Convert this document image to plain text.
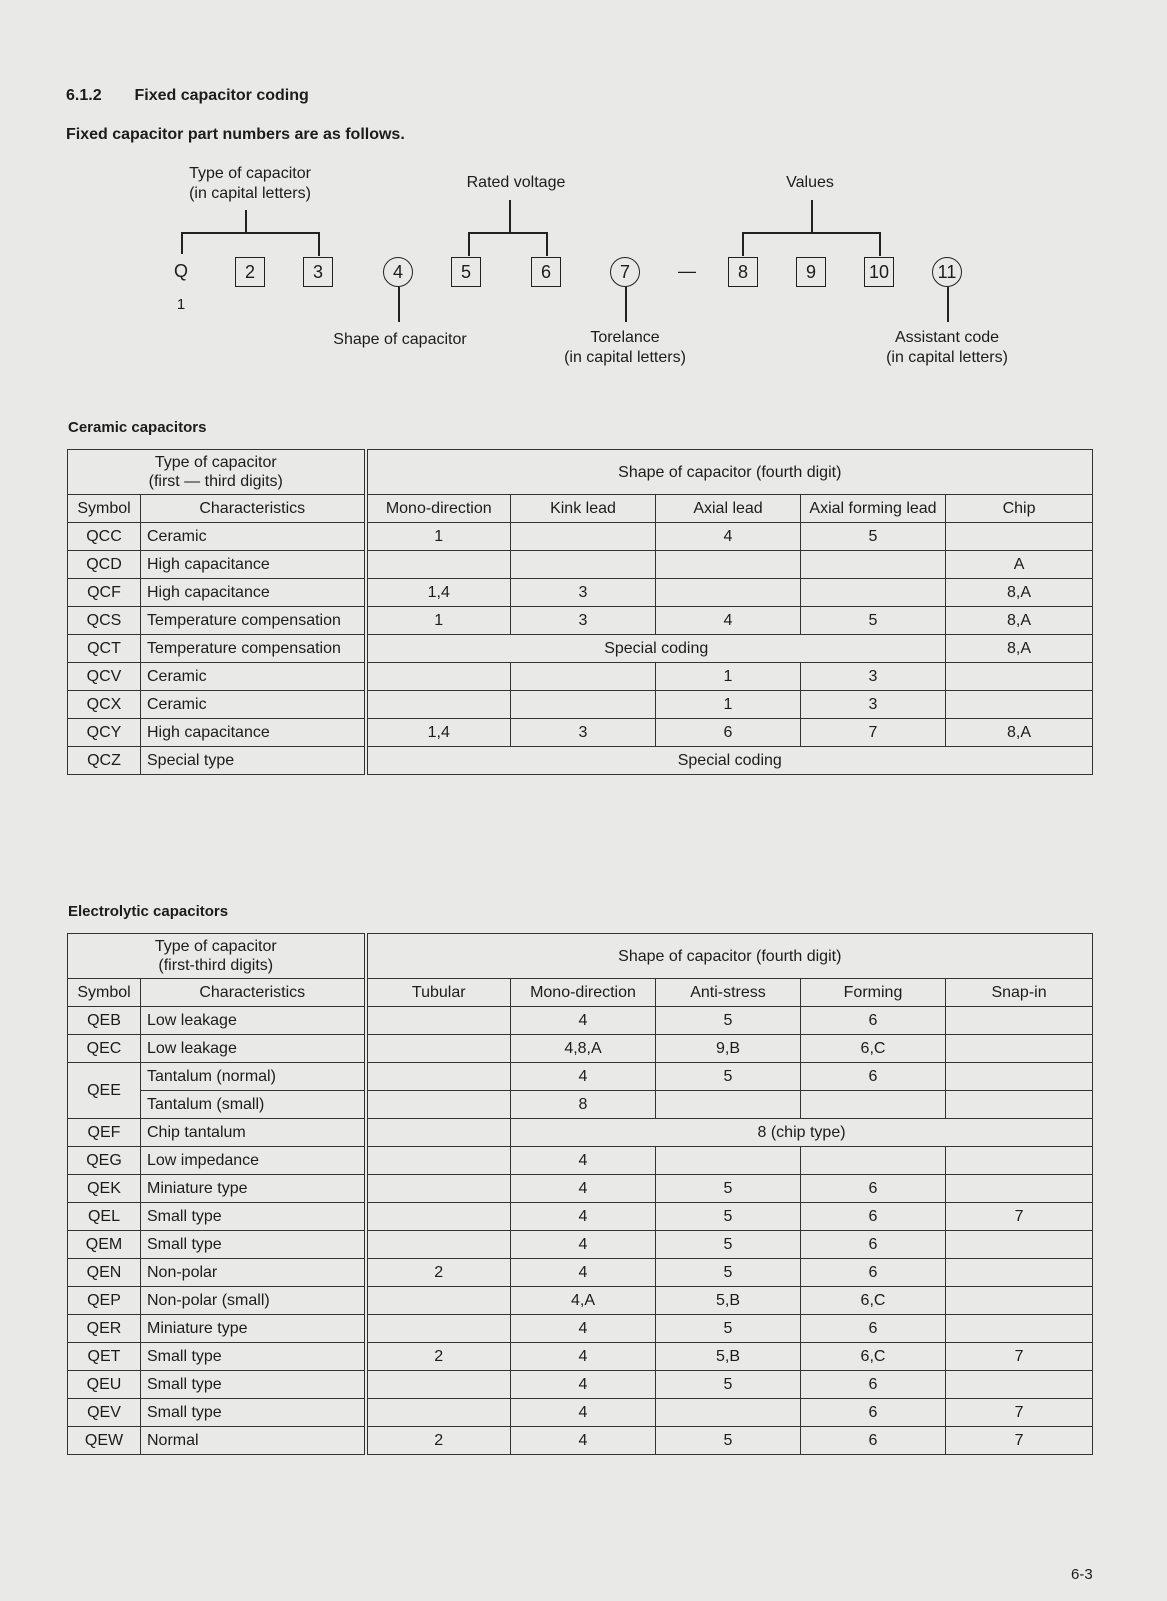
6.1.2 Fixed capacitor coding
Fixed capacitor part numbers are as follows.
Type of capacitor
(in capital letters)
Rated voltage	Values
Q
1
2	3	4	5	6	7	—	8	9	10	11
Shape of capacitor	Torelance
(in capital letters)
Assistant code
(in capital letters)
Ceramic capacitors
Type of capacitor
(first — third digits)		Shape of capacitor (fourth digit)				
Symbol	Characteristics	Mono-direction	Kink lead	Axial lead	Axial forming lead	Chip
QCC	Ceramic	1		4	5	
QCD	High capacitance					A
QCF	High capacitance	1,4	3			8,A
QCS	Temperature compensation	1	3	4	5	8,A
QCT	Temperature compensation	Special coding				8,A
QCV	Ceramic			1	3	
QCX	Ceramic			1	3	
QCY	High capacitance	1,4	3	6	7	8,A
QCZ	Special type	Special coding				
Electrolytic capacitors
Type of capacitor
(first-third digits)		Shape of capacitor (fourth digit)				
Symbol	Characteristics	Tubular	Mono-direction	Anti-stress	Forming	Snap-in
QEB	Low leakage		4	5	6	
QEC	Low leakage		4,8,A	9,B	6,C	
QEE	Tantalum (normal)		4	5	6	
	Tantalum (small)		8			
QEF	Chip tantalum		8 (chip type)			
QEG	Low impedance		4			
QEK	Miniature type		4	5	6	
QEL	Small type		4	5	6	7
QEM	Small type		4	5	6	
QEN	Non-polar	2	4	5	6	
QEP	Non-polar (small)		4,A	5,B	6,C	
QER	Miniature type		4	5	6	
QET	Small type	2	4	5,B	6,C	7
QEU	Small type		4	5	6	
QEV	Small type		4		6	7
QEW	Normal	2	4	5	6	7
6-3
